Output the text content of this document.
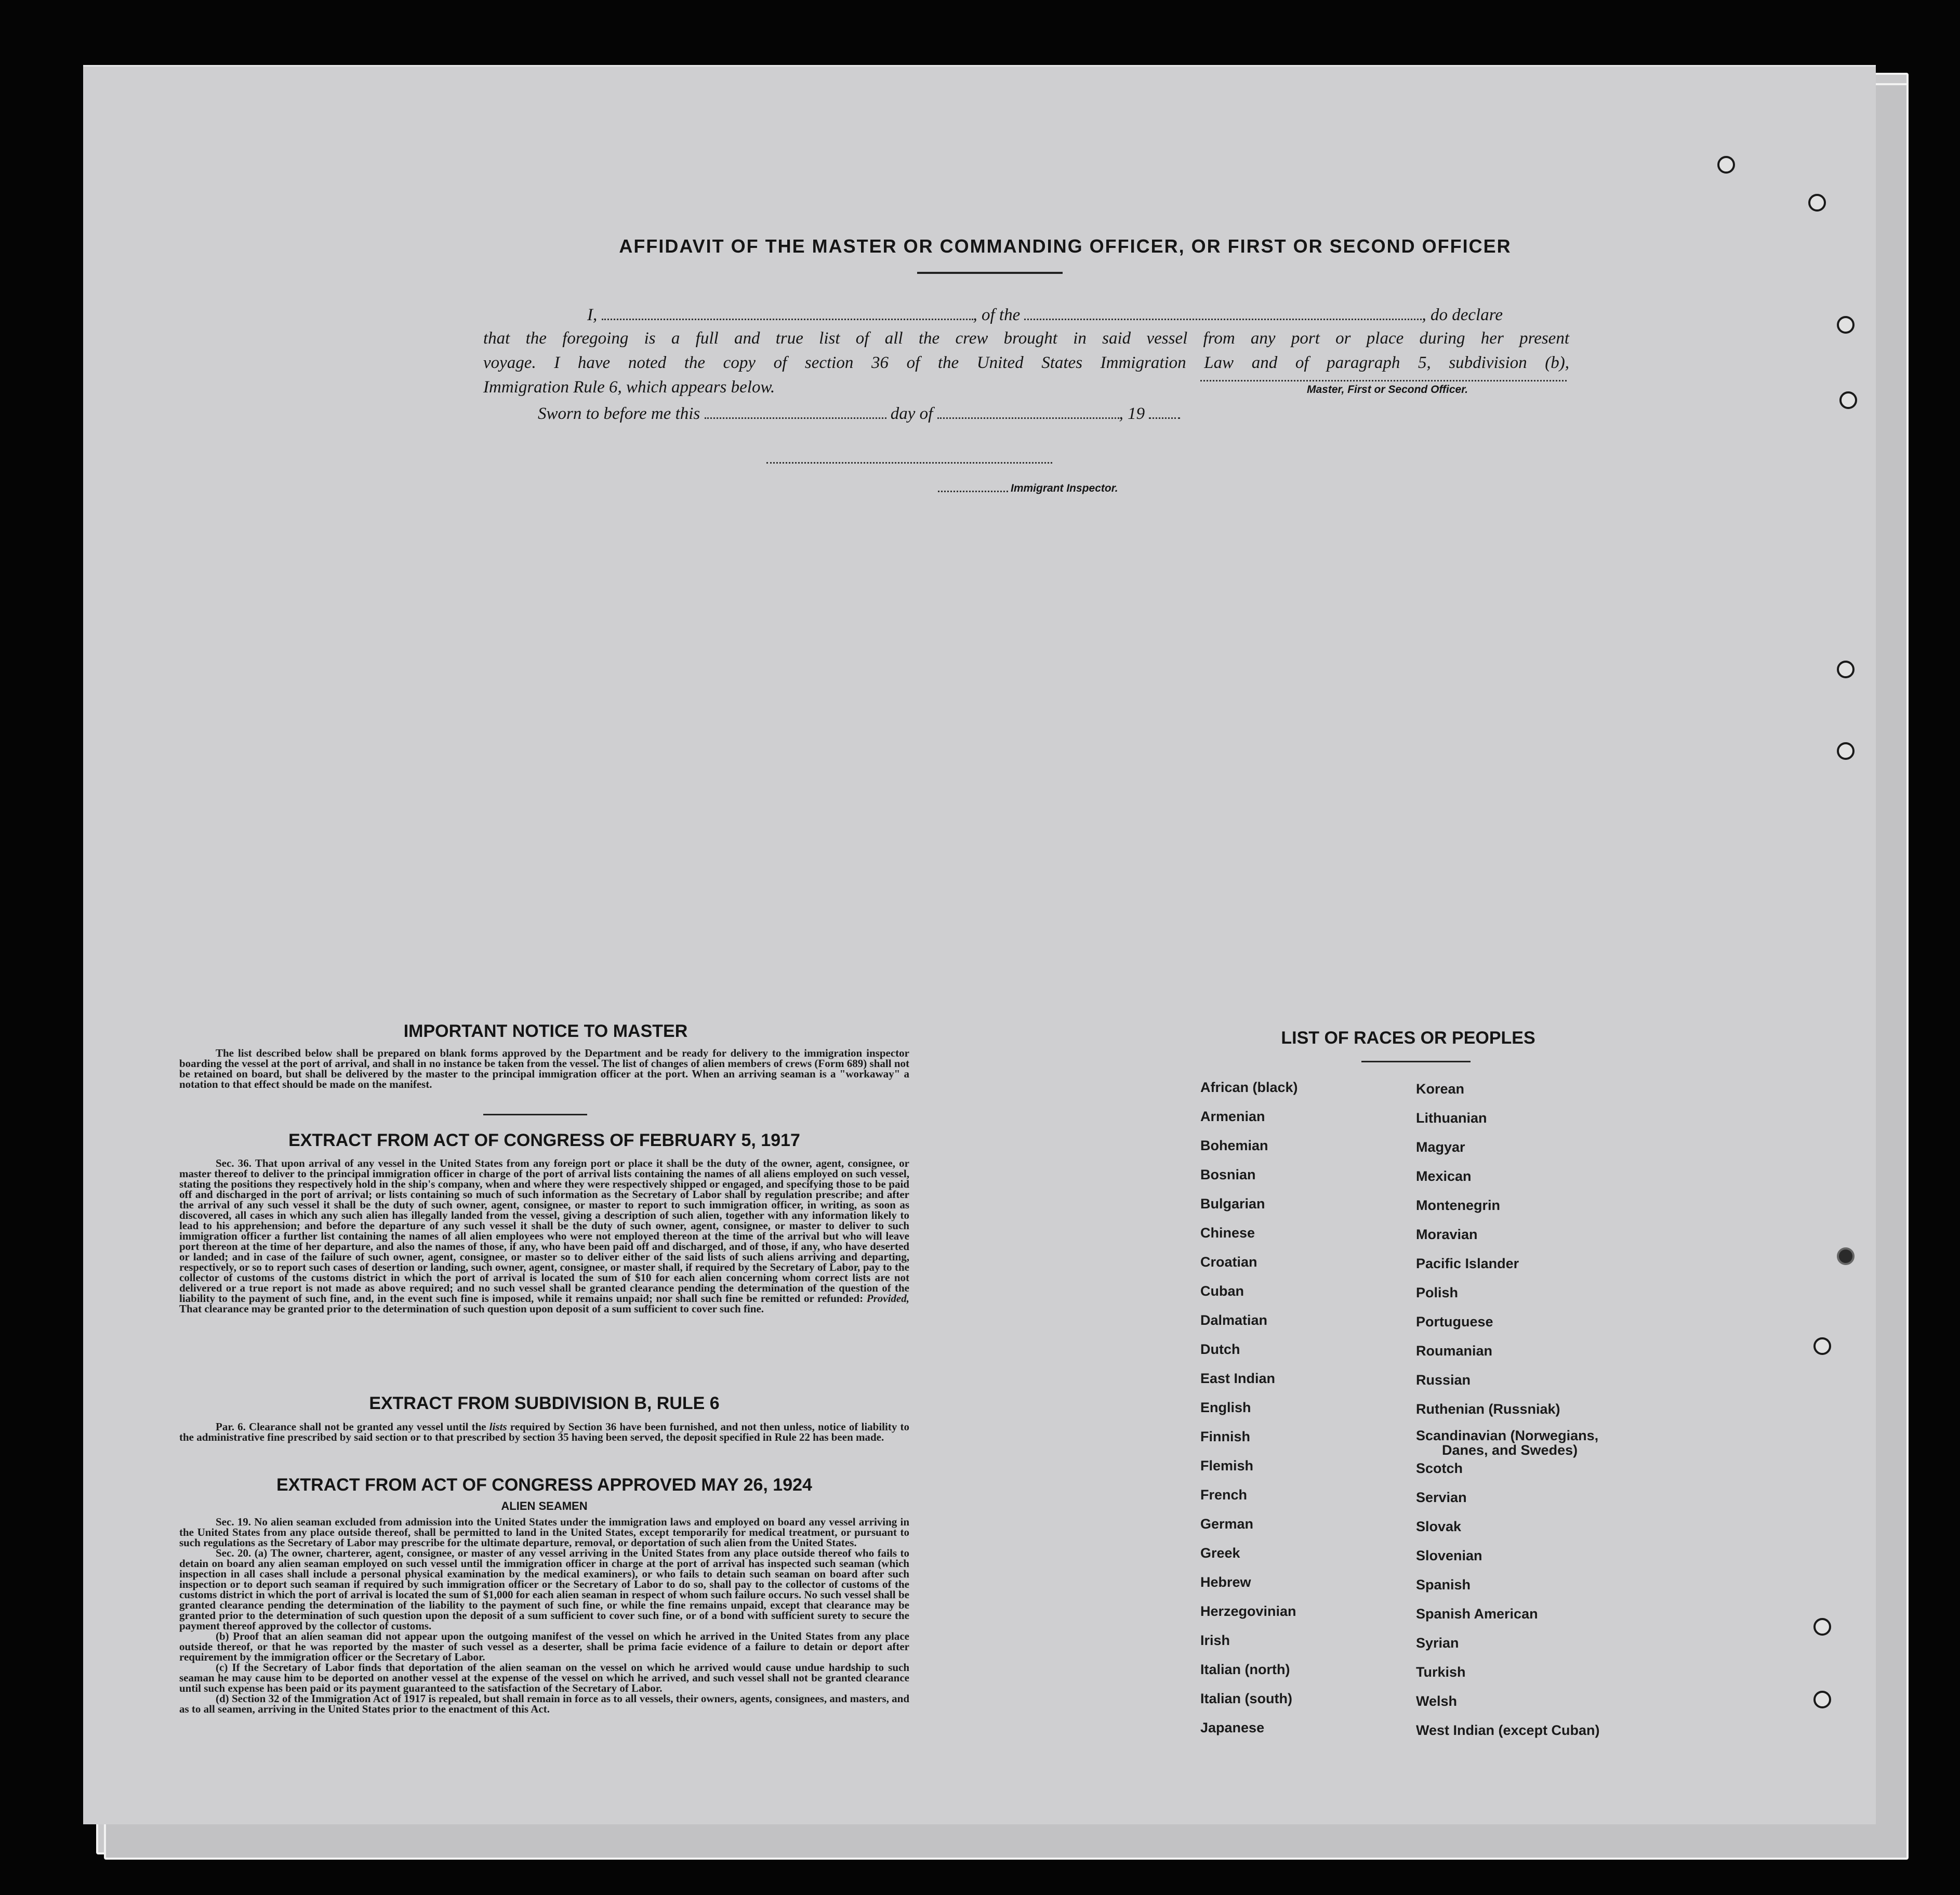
AFFIDAVIT OF THE MASTER OR COMMANDING OFFICER, OR FIRST OR SECOND OFFICER
I,	, of the	, do declare
that the foregoing is a full and true list of all the crew brought in said vessel from any port or place during her present
voyage. I have noted the copy of section 36 of the United States Immigration Law and of paragraph 5, subdivision (b),
Immigration Rule 6, which appears below.	Master, First or Second Officer.
Sworn to before me this	day of	, 19
Immigrant Inspector.
IMPORTANT NOTICE TO MASTER

The list described below shall be prepared on blank forms approved by the Department and be ready for delivery to the immigration inspector boarding the vessel at the port of arrival, and shall in no instance be taken from the vessel. The list of changes of alien members of crews (Form 689) shall not be retained on board, but shall be delivered by the master to the principal immigration officer at the port. When an arriving seaman is a "workaway" a notation to that effect should be made on the manifest.

EXTRACT FROM ACT OF CONGRESS OF FEBRUARY 5, 1917

Sec. 36. That upon arrival of any vessel in the United States from any foreign port or place it shall be the duty of the owner, agent, consignee, or master thereof to deliver to the principal immigration officer in charge of the port of arrival lists containing the names of all aliens employed on such vessel, stating the positions they respectively hold in the ship's company, when and where they were respectively shipped or engaged, and specifying those to be paid off and discharged in the port of arrival; or lists containing so much of such information as the Secretary of Labor shall by regulation prescribe; and after the arrival of any such vessel it shall be the duty of such owner, agent, consignee, or master to report to such immigration officer, in writing, as soon as discovered, all cases in which any such alien has illegally landed from the vessel, giving a description of such alien, together with any information likely to lead to his apprehension; and before the departure of any such vessel it shall be the duty of such owner, agent, consignee, or master to deliver to such immigration officer a further list containing the names of all alien employees who were not employed thereon at the time of the arrival but who will leave port thereon at the time of her departure, and also the names of those, if any, who have been paid off and discharged, and of those, if any, who have deserted or landed; and in case of the failure of such owner, agent, consignee, or master so to deliver either of the said lists of such aliens arriving and departing, respectively, or so to report such cases of desertion or landing, such owner, agent, consignee, or master shall, if required by the Secretary of Labor, pay to the collector of customs of the customs district in which the port of arrival is located the sum of $10 for each alien concerning whom correct lists are not delivered or a true report is not made as above required; and no such vessel shall be granted clearance pending the determination of the question of the liability to the payment of such fine, and, in the event such fine is imposed, while it remains unpaid; nor shall such fine be remitted or refunded: Provided, That clearance may be granted prior to the determination of such question upon deposit of a sum sufficient to cover such fine.

EXTRACT FROM SUBDIVISION B, RULE 6

Par. 6. Clearance shall not be granted any vessel until the lists required by Section 36 have been furnished, and not then unless, notice of liability to the administrative fine prescribed by said section or to that prescribed by section 35 having been served, the deposit specified in Rule 22 has been made.

EXTRACT FROM ACT OF CONGRESS APPROVED MAY 26, 1924
ALIEN SEAMEN

Sec. 19. No alien seaman excluded from admission into the United States under the immigration laws and employed on board any vessel arriving in the United States from any place outside thereof, shall be permitted to land in the United States, except temporarily for medical treatment, or pursuant to such regulations as the Secretary of Labor may prescribe for the ultimate departure, removal, or deportation of such alien from the United States.

Sec. 20. (a) The owner, charterer, agent, consignee, or master of any vessel arriving in the United States from any place outside thereof who fails to detain on board any alien seaman employed on such vessel until the immigration officer in charge at the port of arrival has inspected such seaman (which inspection in all cases shall include a personal physical examination by the medical examiners), or who fails to detain such seaman on board after such inspection or to deport such seaman if required by such immigration officer or the Secretary of Labor to do so, shall pay to the collector of customs of the customs district in which the port of arrival is located the sum of $1,000 for each alien seaman in respect of whom such failure occurs. No such vessel shall be granted clearance pending the determination of the liability to the payment of such fine, or while the fine remains unpaid, except that clearance may be granted prior to the determination of such question upon the deposit of a sum sufficient to cover such fine, or of a bond with sufficient surety to secure the payment thereof approved by the collector of customs.

(b) Proof that an alien seaman did not appear upon the outgoing manifest of the vessel on which he arrived in the United States from any place outside thereof, or that he was reported by the master of such vessel as a deserter, shall be prima facie evidence of a failure to detain or deport after requirement by the immigration officer or the Secretary of Labor.

(c) If the Secretary of Labor finds that deportation of the alien seaman on the vessel on which he arrived would cause undue hardship to such seaman he may cause him to be deported on another vessel at the expense of the vessel on which he arrived, and such vessel shall not be granted clearance until such expense has been paid or its payment guaranteed to the satisfaction of the Secretary of Labor.

(d) Section 32 of the Immigration Act of 1917 is repealed, but shall remain in force as to all vessels, their owners, agents, consignees, and masters, and as to all seamen, arriving in the United States prior to the enactment of this Act.

LIST OF RACES OR PEOPLES
African (black)
Armenian
Bohemian
Bosnian
Bulgarian
Chinese
Croatian
Cuban
Dalmatian
Dutch
East Indian
English
Finnish
Flemish
French
German
Greek
Hebrew
Herzegovinian
Irish
Italian (north)
Italian (south)
Japanese
Korean
Lithuanian
Magyar
Mexican
Montenegrin
Moravian
Pacific Islander
Polish
Portuguese
Roumanian
Russian
Ruthenian (Russniak)
Scandinavian (Norwegians,
Danes, and Swedes)
Scotch
Servian
Slovak
Slovenian
Spanish
Spanish American
Syrian
Turkish
Welsh
West Indian (except Cuban)
